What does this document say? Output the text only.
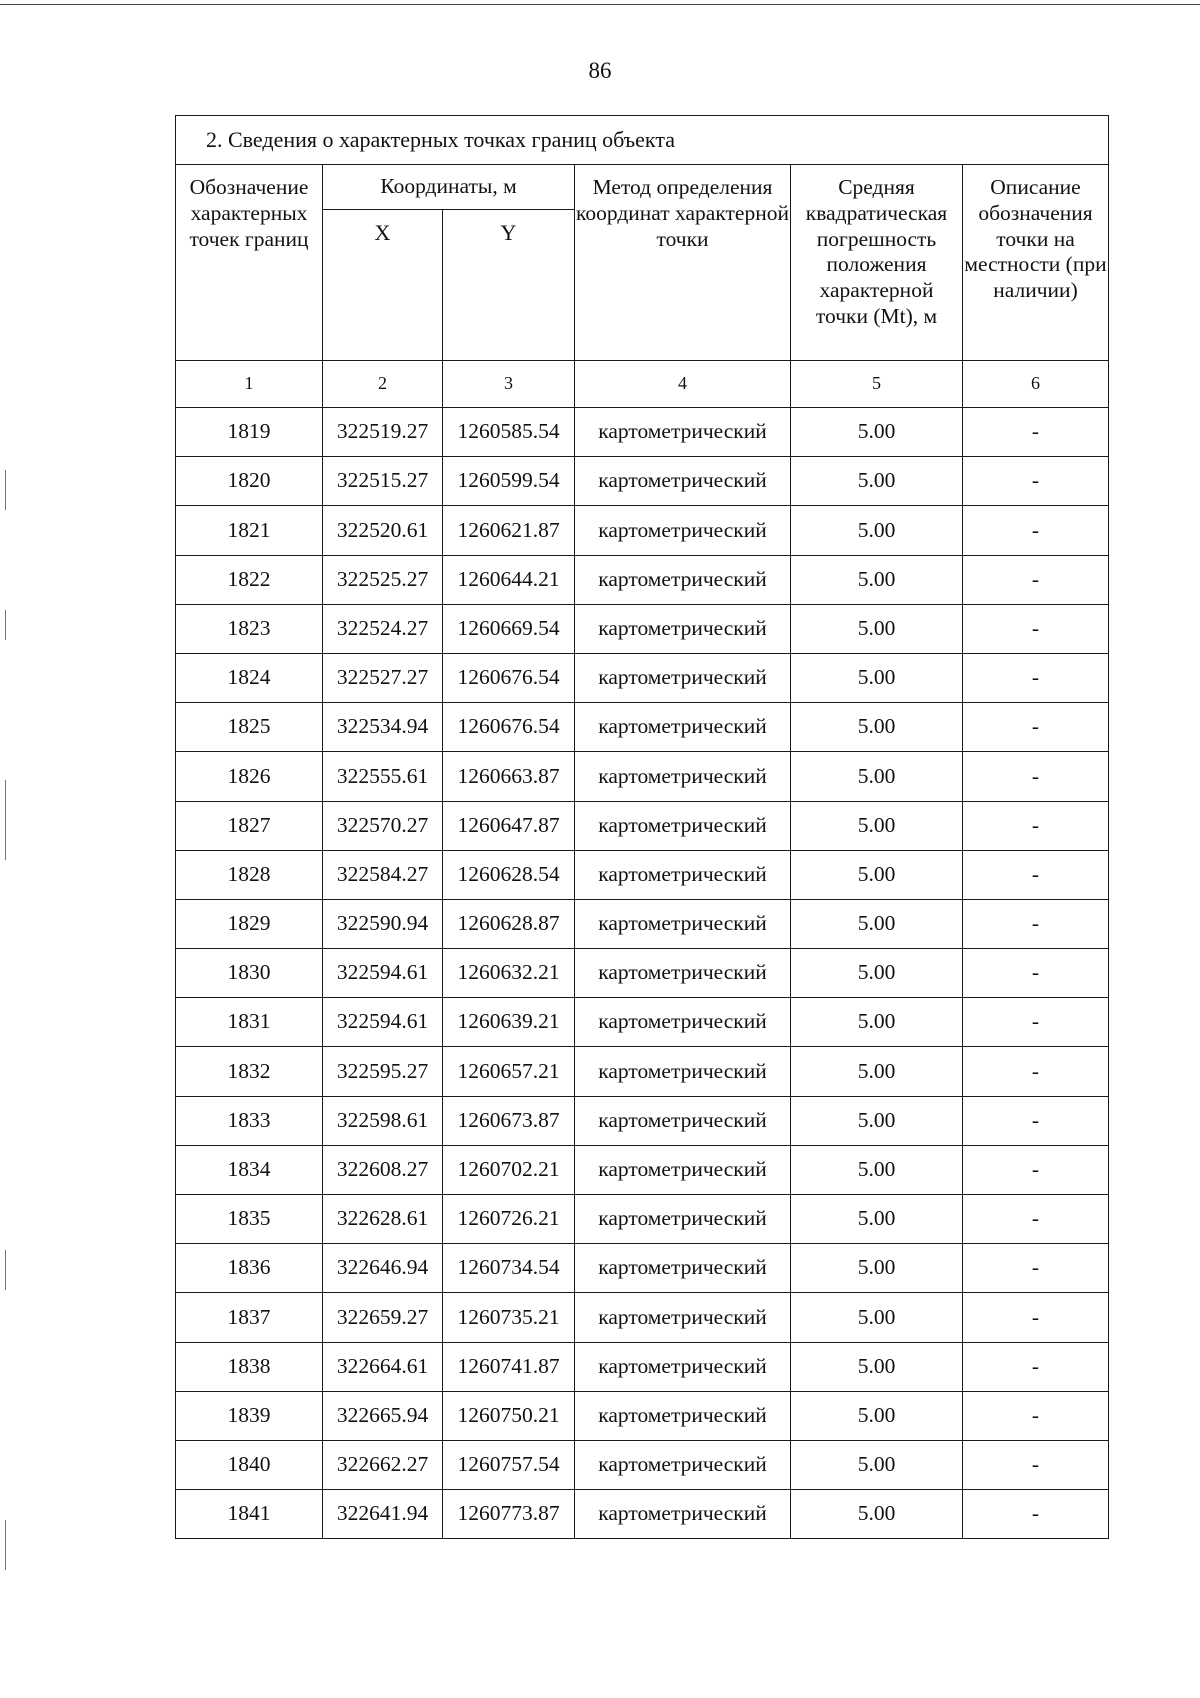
86
2. Сведения о характерных точках границ объекта					
Обозначение характерных точек границ	Координаты, м		Метод определения координат характерной точки	Средняя квадратическая погрешность положения характерной точки (Mt), м	Описание обозначения точки на местности (при наличии)
	X	Y			
1	2	3	4	5	6
1819	322519.27	1260585.54	картометрический	5.00	-
1820	322515.27	1260599.54	картометрический	5.00	-
1821	322520.61	1260621.87	картометрический	5.00	-
1822	322525.27	1260644.21	картометрический	5.00	-
1823	322524.27	1260669.54	картометрический	5.00	-
1824	322527.27	1260676.54	картометрический	5.00	-
1825	322534.94	1260676.54	картометрический	5.00	-
1826	322555.61	1260663.87	картометрический	5.00	-
1827	322570.27	1260647.87	картометрический	5.00	-
1828	322584.27	1260628.54	картометрический	5.00	-
1829	322590.94	1260628.87	картометрический	5.00	-
1830	322594.61	1260632.21	картометрический	5.00	-
1831	322594.61	1260639.21	картометрический	5.00	-
1832	322595.27	1260657.21	картометрический	5.00	-
1833	322598.61	1260673.87	картометрический	5.00	-
1834	322608.27	1260702.21	картометрический	5.00	-
1835	322628.61	1260726.21	картометрический	5.00	-
1836	322646.94	1260734.54	картометрический	5.00	-
1837	322659.27	1260735.21	картометрический	5.00	-
1838	322664.61	1260741.87	картометрический	5.00	-
1839	322665.94	1260750.21	картометрический	5.00	-
1840	322662.27	1260757.54	картометрический	5.00	-
1841	322641.94	1260773.87	картометрический	5.00	-
